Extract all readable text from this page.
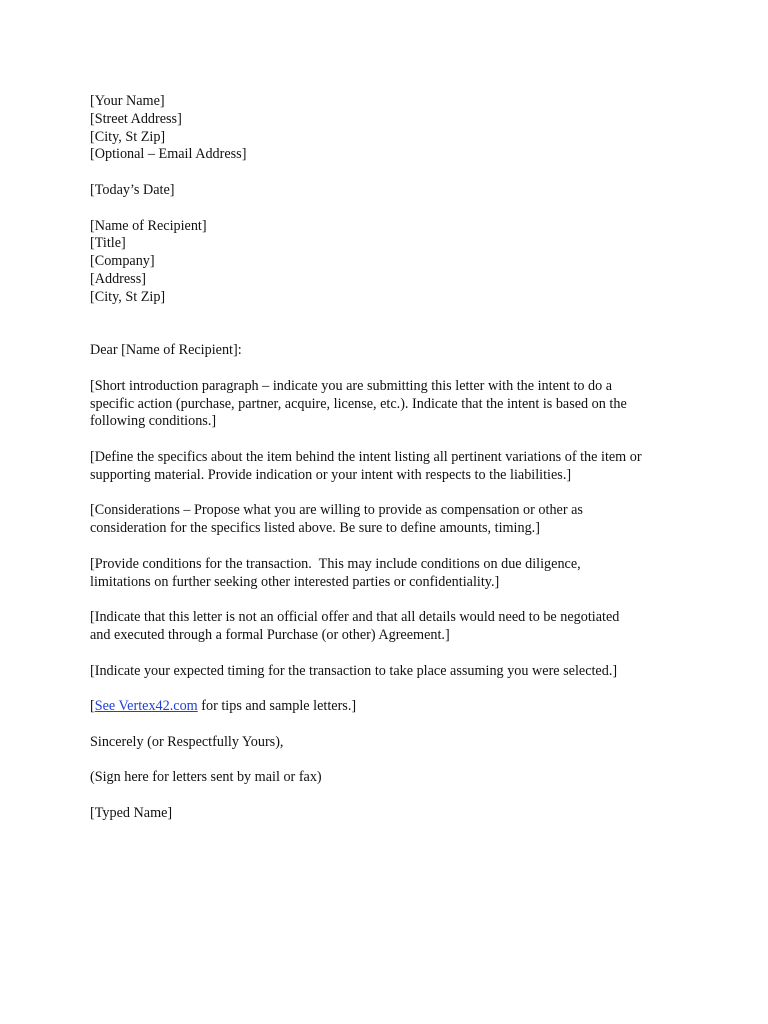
[Your Name]
[Street Address]
[City, St Zip]
[Optional – Email Address]
[Today’s Date]
[Name of Recipient]
[Title]
[Company]
[Address]
[City, St Zip]
Dear [Name of Recipient]:
[Short introduction paragraph – indicate you are submitting this letter with the intent to do a
specific action (purchase, partner, acquire, license, etc.). Indicate that the intent is based on the
following conditions.]
[Define the specifics about the item behind the intent listing all pertinent variations of the item or
supporting material. Provide indication or your intent with respects to the liabilities.]
[Considerations – Propose what you are willing to provide as compensation or other as
consideration for the specifics listed above. Be sure to define amounts, timing.]
[Provide conditions for the transaction.  This may include conditions on due diligence,
limitations on further seeking other interested parties or confidentiality.]
[Indicate that this letter is not an official offer and that all details would need to be negotiated
and executed through a formal Purchase (or other) Agreement.]
[Indicate your expected timing for the transaction to take place assuming you were selected.]
[See Vertex42.com for tips and sample letters.]
Sincerely (or Respectfully Yours),
(Sign here for letters sent by mail or fax)
[Typed Name]
